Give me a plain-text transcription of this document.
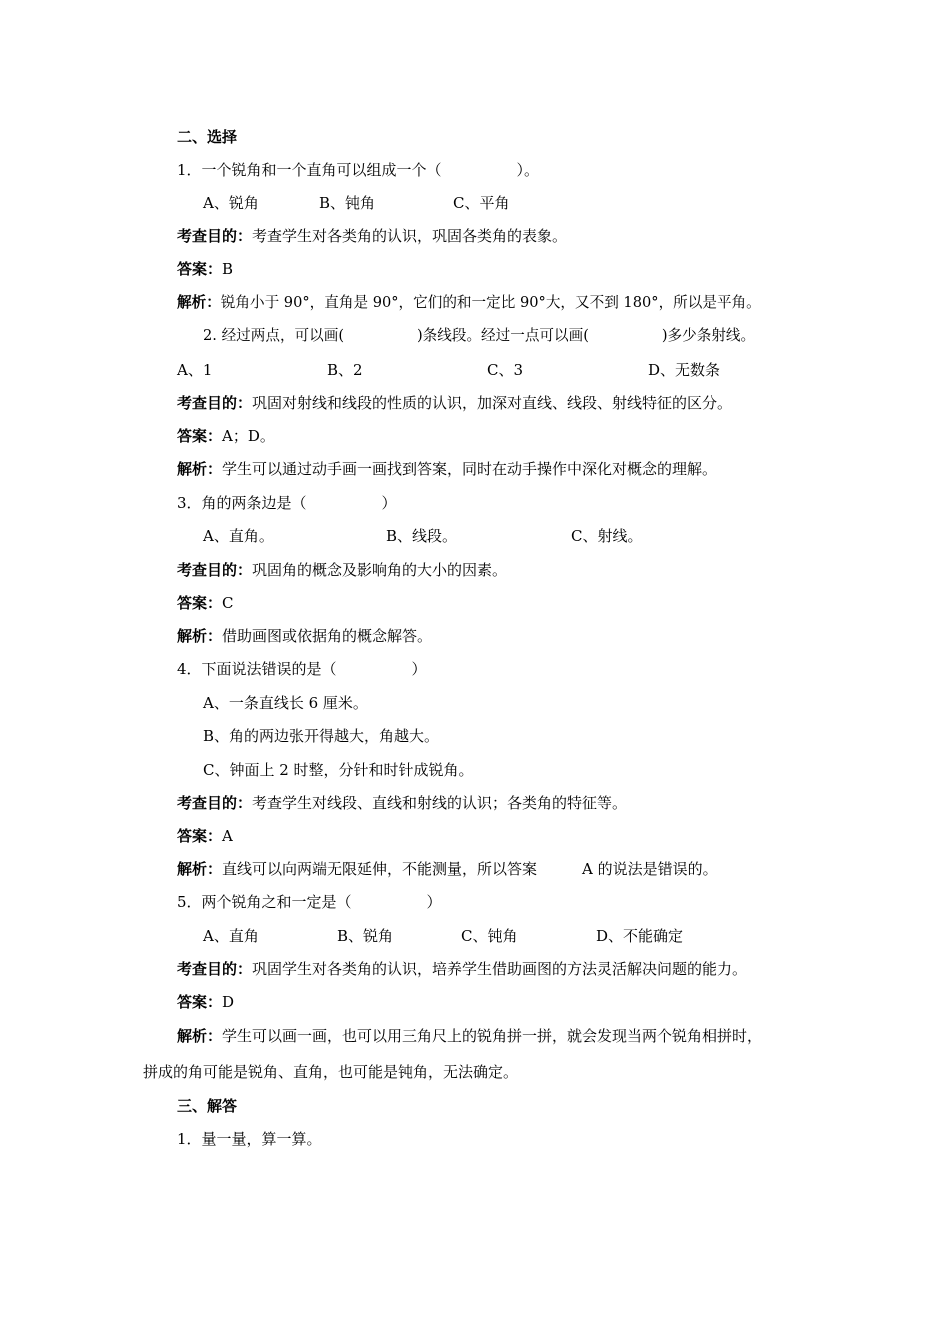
二、选择
1．一个锐角和一个直角可以组成一个（　　　　　）。
A、锐角	B、钝角	C、平角
考查目的：考查学生对各类角的认识，巩固各类角的表象。
答案：B
解析：锐角小于 90°，直角是 90°，它们的和一定比 90°大，又不到 180°，所以是平角。
2. 经过两点，可以画(　　　　　)条线段。经过一点可以画(　　　　　)多少条射线。
A、1	B、2	C、3	D、无数条
考查目的：巩固对射线和线段的性质的认识，加深对直线、线段、射线特征的区分。
答案：A；D。
解析：学生可以通过动手画一画找到答案，同时在动手操作中深化对概念的理解。
3．角的两条边是（　　　　　）
A、直角。	B、线段。	C、射线。
考查目的：巩固角的概念及影响角的大小的因素。
答案：C
解析：借助画图或依据角的概念解答。
4．下面说法错误的是（　　　　　）
A、一条直线长 6 厘米。
B、角的两边张开得越大，角越大。
C、钟面上 2 时整，分针和时针成锐角。
考查目的：考查学生对线段、直线和射线的认识；各类角的特征等。
答案：A
解析：直线可以向两端无限延伸，不能测量，所以答案　　　A 的说法是错误的。
5．两个锐角之和一定是（　　　　　）
A、直角	B、锐角	C、钝角	D、不能确定
考查目的：巩固学生对各类角的认识，培养学生借助画图的方法灵活解决问题的能力。
答案：D
解析：学生可以画一画，也可以用三角尺上的锐角拼一拼，就会发现当两个锐角相拼时，
拼成的角可能是锐角、直角，也可能是钝角，无法确定。
三、解答
1．量一量，算一算。
